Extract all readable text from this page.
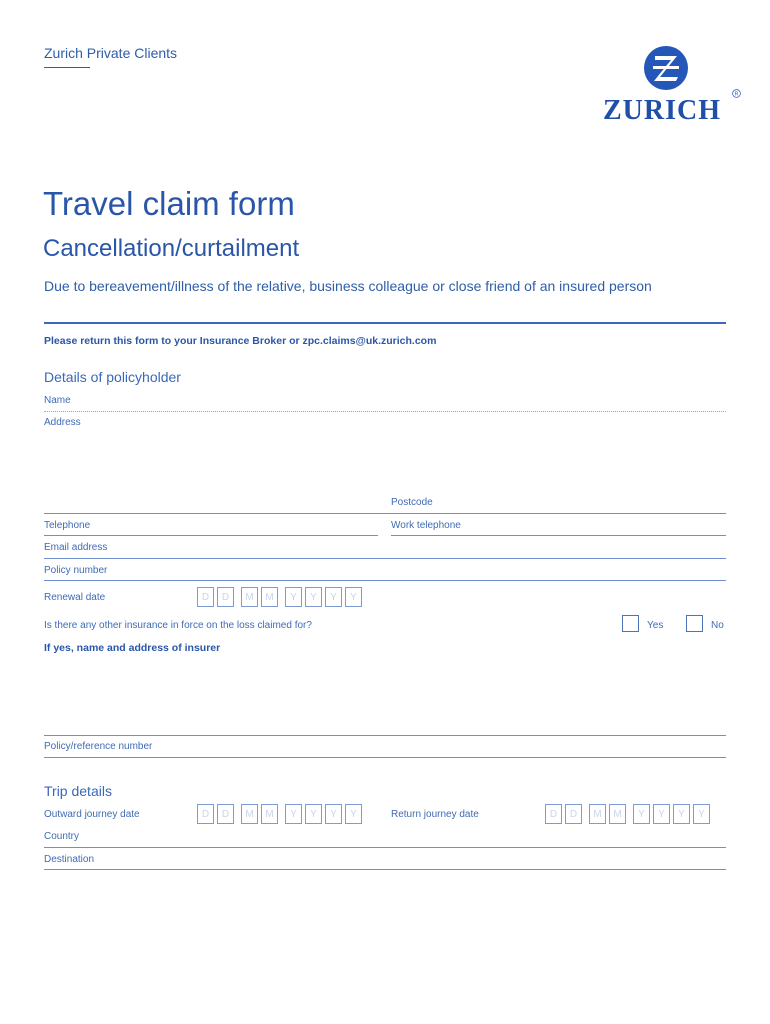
Zurich Private Clients
R
ZURICH
Travel claim form
Cancellation/curtailment
Due to bereavement/illness of the relative, business colleague or close friend of an insured person
Please return this form to your Insurance Broker or zpc.claims@uk.zurich.com
Details of policyholder
Name
Address
Postcode
Telephone	Work telephone
Email address
Policy number
Renewal date	D	D	M	M	Y	Y	Y	Y
Is there any other insurance in force on the loss claimed for?	Yes	No
If yes, name and address of insurer
Policy/reference number
Trip details
Outward journey date	D	D	M	M	Y	Y	Y	Y	Return journey date	D	D	M	M	Y	Y	Y	Y
Country
Destination
